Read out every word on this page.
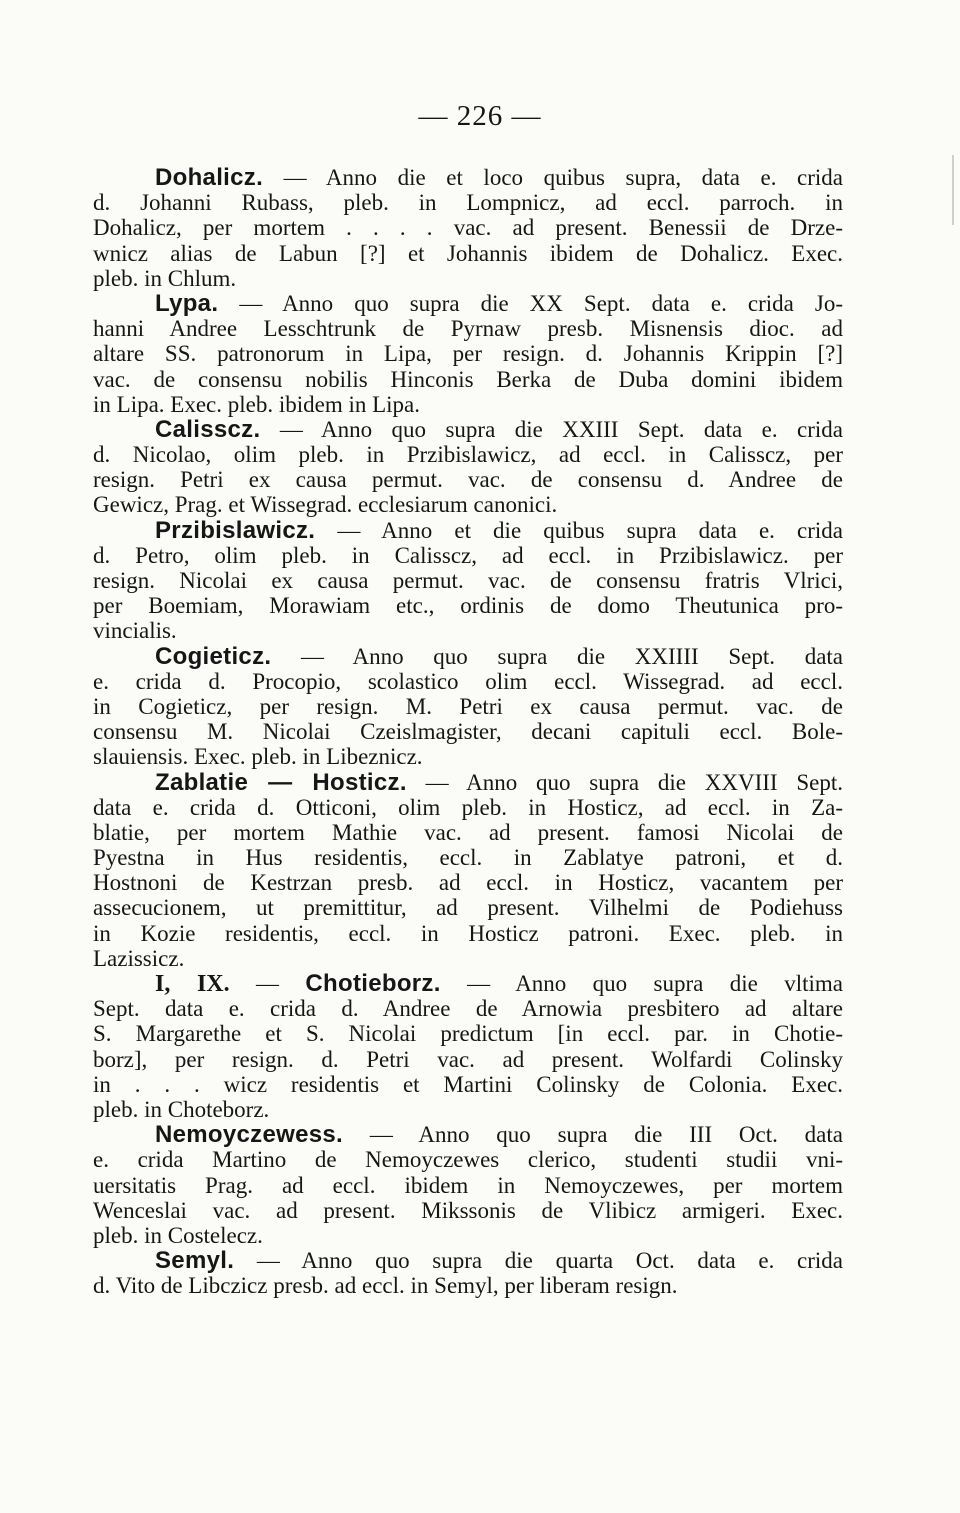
— 226 —
Dohalicz. — Anno die et loco quibus supra, data e. crida
d. Johanni Rubass, pleb. in Lompnicz, ad eccl. parroch. in
Dohalicz, per mortem . . . . vac. ad present. Benessii de Drze-
wnicz alias de Labun [?] et Johannis ibidem de Dohalicz. Exec.
pleb. in Chlum.
Lypa. — Anno quo supra die XX Sept. data e. crida Jo-
hanni Andree Lesschtrunk de Pyrnaw presb. Misnensis dioc. ad
altare SS. patronorum in Lipa, per resign. d. Johannis Krippin [?]
vac. de consensu nobilis Hinconis Berka de Duba domini ibidem
in Lipa. Exec. pleb. ibidem in Lipa.
Calisscz. — Anno quo supra die XXIII Sept. data e. crida
d. Nicolao, olim pleb. in Przibislawicz, ad eccl. in Calisscz, per
resign. Petri ex causa permut. vac. de consensu d. Andree de
Gewicz, Prag. et Wissegrad. ecclesiarum canonici.
Przibislawicz. — Anno et die quibus supra data e. crida
d. Petro, olim pleb. in Calisscz, ad eccl. in Przibislawicz. per
resign. Nicolai ex causa permut. vac. de consensu fratris Vlrici,
per Boemiam, Morawiam etc., ordinis de domo Theutunica pro-
vincialis.
Cogieticz. — Anno quo supra die XXIIII Sept. data
e. crida d. Procopio, scolastico olim eccl. Wissegrad. ad eccl.
in Cogieticz, per resign. M. Petri ex causa permut. vac. de
consensu M. Nicolai Czeislmagister, decani capituli eccl. Bole-
slauiensis. Exec. pleb. in Libeznicz.
Zablatie — Hosticz. — Anno quo supra die XXVIII Sept.
data e. crida d. Otticoni, olim pleb. in Hosticz, ad eccl. in Za-
blatie, per mortem Mathie vac. ad present. famosi Nicolai de
Pyestna in Hus residentis, eccl. in Zablatye patroni, et d.
Hostnoni de Kestrzan presb. ad eccl. in Hosticz, vacantem per
assecucionem, ut premittitur, ad present. Vilhelmi de Podiehuss
in Kozie residentis, eccl. in Hosticz patroni. Exec. pleb. in
Lazissicz.
I, IX. — Chotieborz. — Anno quo supra die vltima
Sept. data e. crida d. Andree de Arnowia presbitero ad altare
S. Margarethe et S. Nicolai predictum [in eccl. par. in Chotie-
borz], per resign. d. Petri vac. ad present. Wolfardi Colinsky
in . . . wicz residentis et Martini Colinsky de Colonia. Exec.
pleb. in Choteborz.
Nemoyczewess. — Anno quo supra die III Oct. data
e. crida Martino de Nemoyczewes clerico, studenti studii vni-
uersitatis Prag. ad eccl. ibidem in Nemoyczewes, per mortem
Wenceslai vac. ad present. Mikssonis de Vlibicz armigeri. Exec.
pleb. in Costelecz.
Semyl. — Anno quo supra die quarta Oct. data e. crida
d. Vito de Libczicz presb. ad eccl. in Semyl, per liberam resign.
